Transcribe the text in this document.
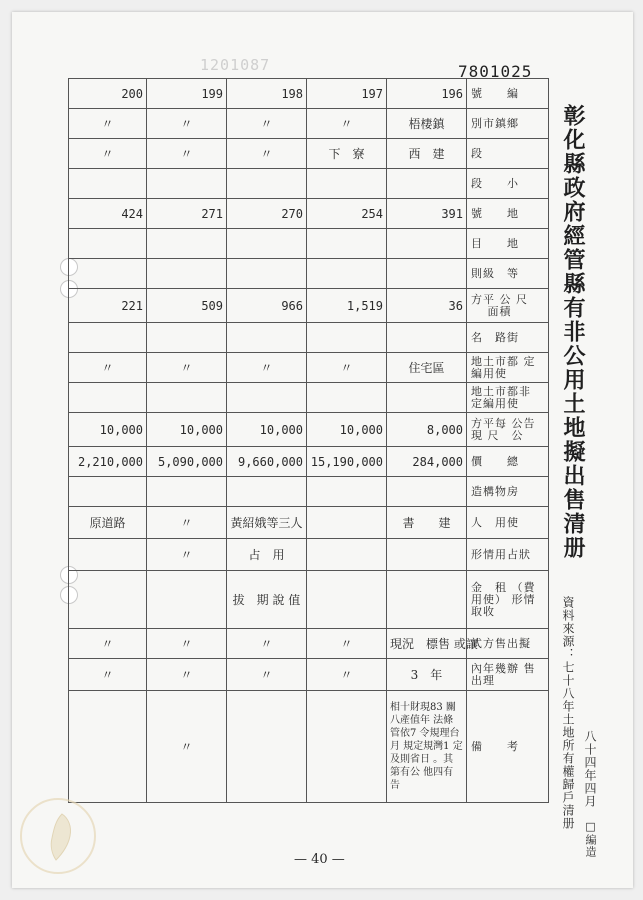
1201087	7801025
200	199	198	197	196	號　　編
〃	〃	〃	〃	梧棲鎮	別市鎮鄉
〃	〃	〃	下　寮	西　建	段
					段　　小
424	271	270	254	391	號　　地
					目　　地
					則級　等
221	509	966	1,519	36	方平 公 尺 　 面積
					名　路街
〃	〃	〃	〃	住宅區	地土市都 定編用使
					地土市都非 定編用使
10,000	10,000	10,000	10,000	8,000	方平每 公告現 尺　公
2,210,000	5,090,000	9,660,000	15,190,000	284,000	價　　總
					造構物房
原道路	〃	黃紹娥等三人		書　　建	人　用使
	〃	占　用			形情用占狀
		拔　期 說 值			金　租 （費用使） 形情取收
〃	〃	〃	〃	現況　標售 或讓	式方售出擬
〃	〃	〃	〃	3　年	內年幾辦 售出理
	〃			相十財現83 關八產值年 法條管依7 令規理台月 規定規灣1 定及則省日 。其第有公 他四有告	備　　考
彰化縣政府經管縣有非公用土地擬出售清册
資料來源：七十八年土地所有權歸戶清册 八十四年四月
□編造
— 40 —
